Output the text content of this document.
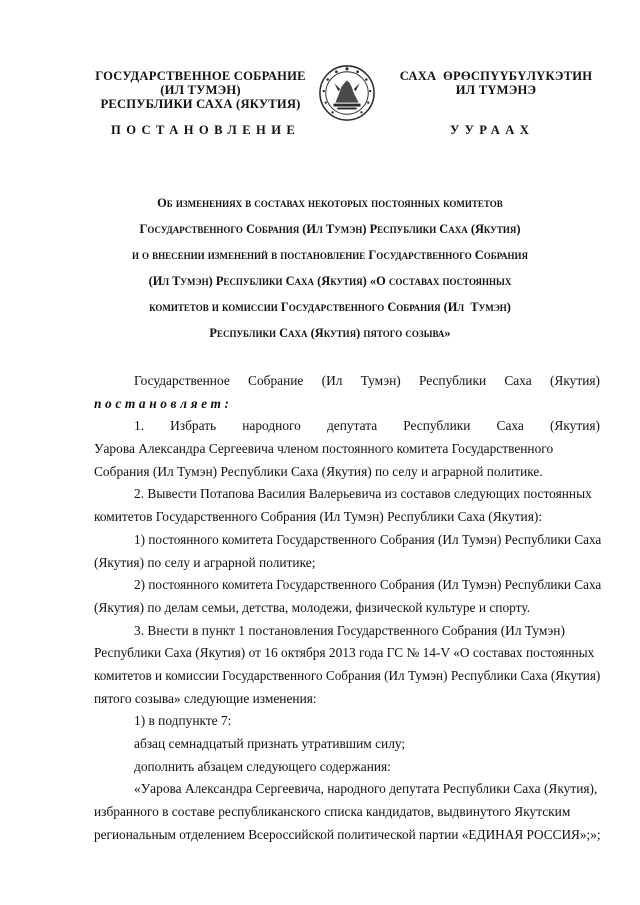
ГОСУДАРСТВЕННОЕ СОБРАНИЕ
(ИЛ ТУМЭН)
РЕСПУБЛИКИ САХА (ЯКУТИЯ)
САХА  ӨРӨСПҮҮБҮЛҮКЭТИН
ИЛ ТҮМЭНЭ
ПОСТАНОВЛЕНИЕ	УУРААХ
Об изменениях в составах некоторых постоянных комитетов
Государственного Собрания (Ил Тумэн) Республики Саха (Якутия)
и о внесении изменений в постановление Государственного Собрания
(Ил Тумэн) Республики Саха (Якутия) «О составах постоянных
комитетов и комиссии Государственного Собрания (Ил  Тумэн)
Республики Саха (Якутия) пятого созыва»
Государственное Собрание (Ил Тумэн) Республики Саха (Якутия)
постановляет:
1. Избрать народного депутата Республики Саха (Якутия)
Уарова Александра Сергеевича членом постоянного комитета Государственного
Собрания (Ил Тумэн) Республики Саха (Якутия) по селу и аграрной политике.
2. Вывести Потапова Василия Валерьевича из составов следующих постоянных
комитетов Государственного Собрания (Ил Тумэн) Республики Саха (Якутия):
1) постоянного комитета Государственного Собрания (Ил Тумэн) Республики Саха
(Якутия) по селу и аграрной политике;
2) постоянного комитета Государственного Собрания (Ил Тумэн) Республики Саха
(Якутия) по делам семьи, детства, молодежи, физической культуре и спорту.
3. Внести в пункт 1 постановления Государственного Собрания (Ил Тумэн)
Республики Саха (Якутия) от 16 октября 2013 года ГС № 14-V «О составах постоянных
комитетов и комиссии Государственного Собрания (Ил Тумэн) Республики Саха (Якутия)
пятого созыва» следующие изменения:
1) в подпункте 7:
абзац семнадцатый признать утратившим силу;
дополнить абзацем следующего содержания:
«Уарова Александра Сергеевича, народного депутата Республики Саха (Якутия),
избранного в составе республиканского списка кандидатов, выдвинутого Якутским
региональным отделением Всероссийской политической партии «ЕДИНАЯ РОССИЯ»;»;
